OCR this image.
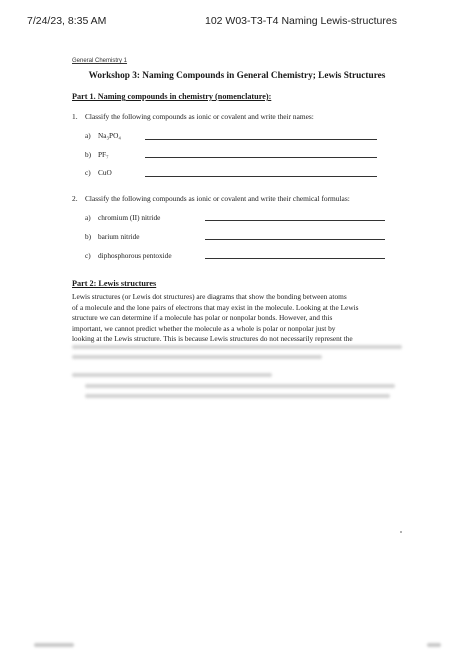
7/24/23, 8:35 AM	102 W03-T3-T4 Naming Lewis-structures
General Chemistry 1
Workshop 3: Naming Compounds in General Chemistry; Lewis Structures
Part 1. Naming compounds in chemistry (nomenclature):
1. Classify the following compounds as ionic or covalent and write their names:
a) Na₃PO₄
b) PF₇
c) CuO
2. Classify the following compounds as ionic or covalent and write their chemical formulas:
a) chromium (II) nitride
b) barium nitride
c) diphosphorous pentoxide
Part 2: Lewis structures

Lewis structures (or Lewis dot structures) are diagrams that show the bonding between atoms

of a molecule and the lone pairs of electrons that may exist in the molecule. Looking at the Lewis

structure we can determine if a molecule has polar or nonpolar bonds. However, and this

important, we cannot predict whether the molecule as a whole is polar or nonpolar just by

looking at the Lewis structure. This is because Lewis structures do not necessarily represent the
